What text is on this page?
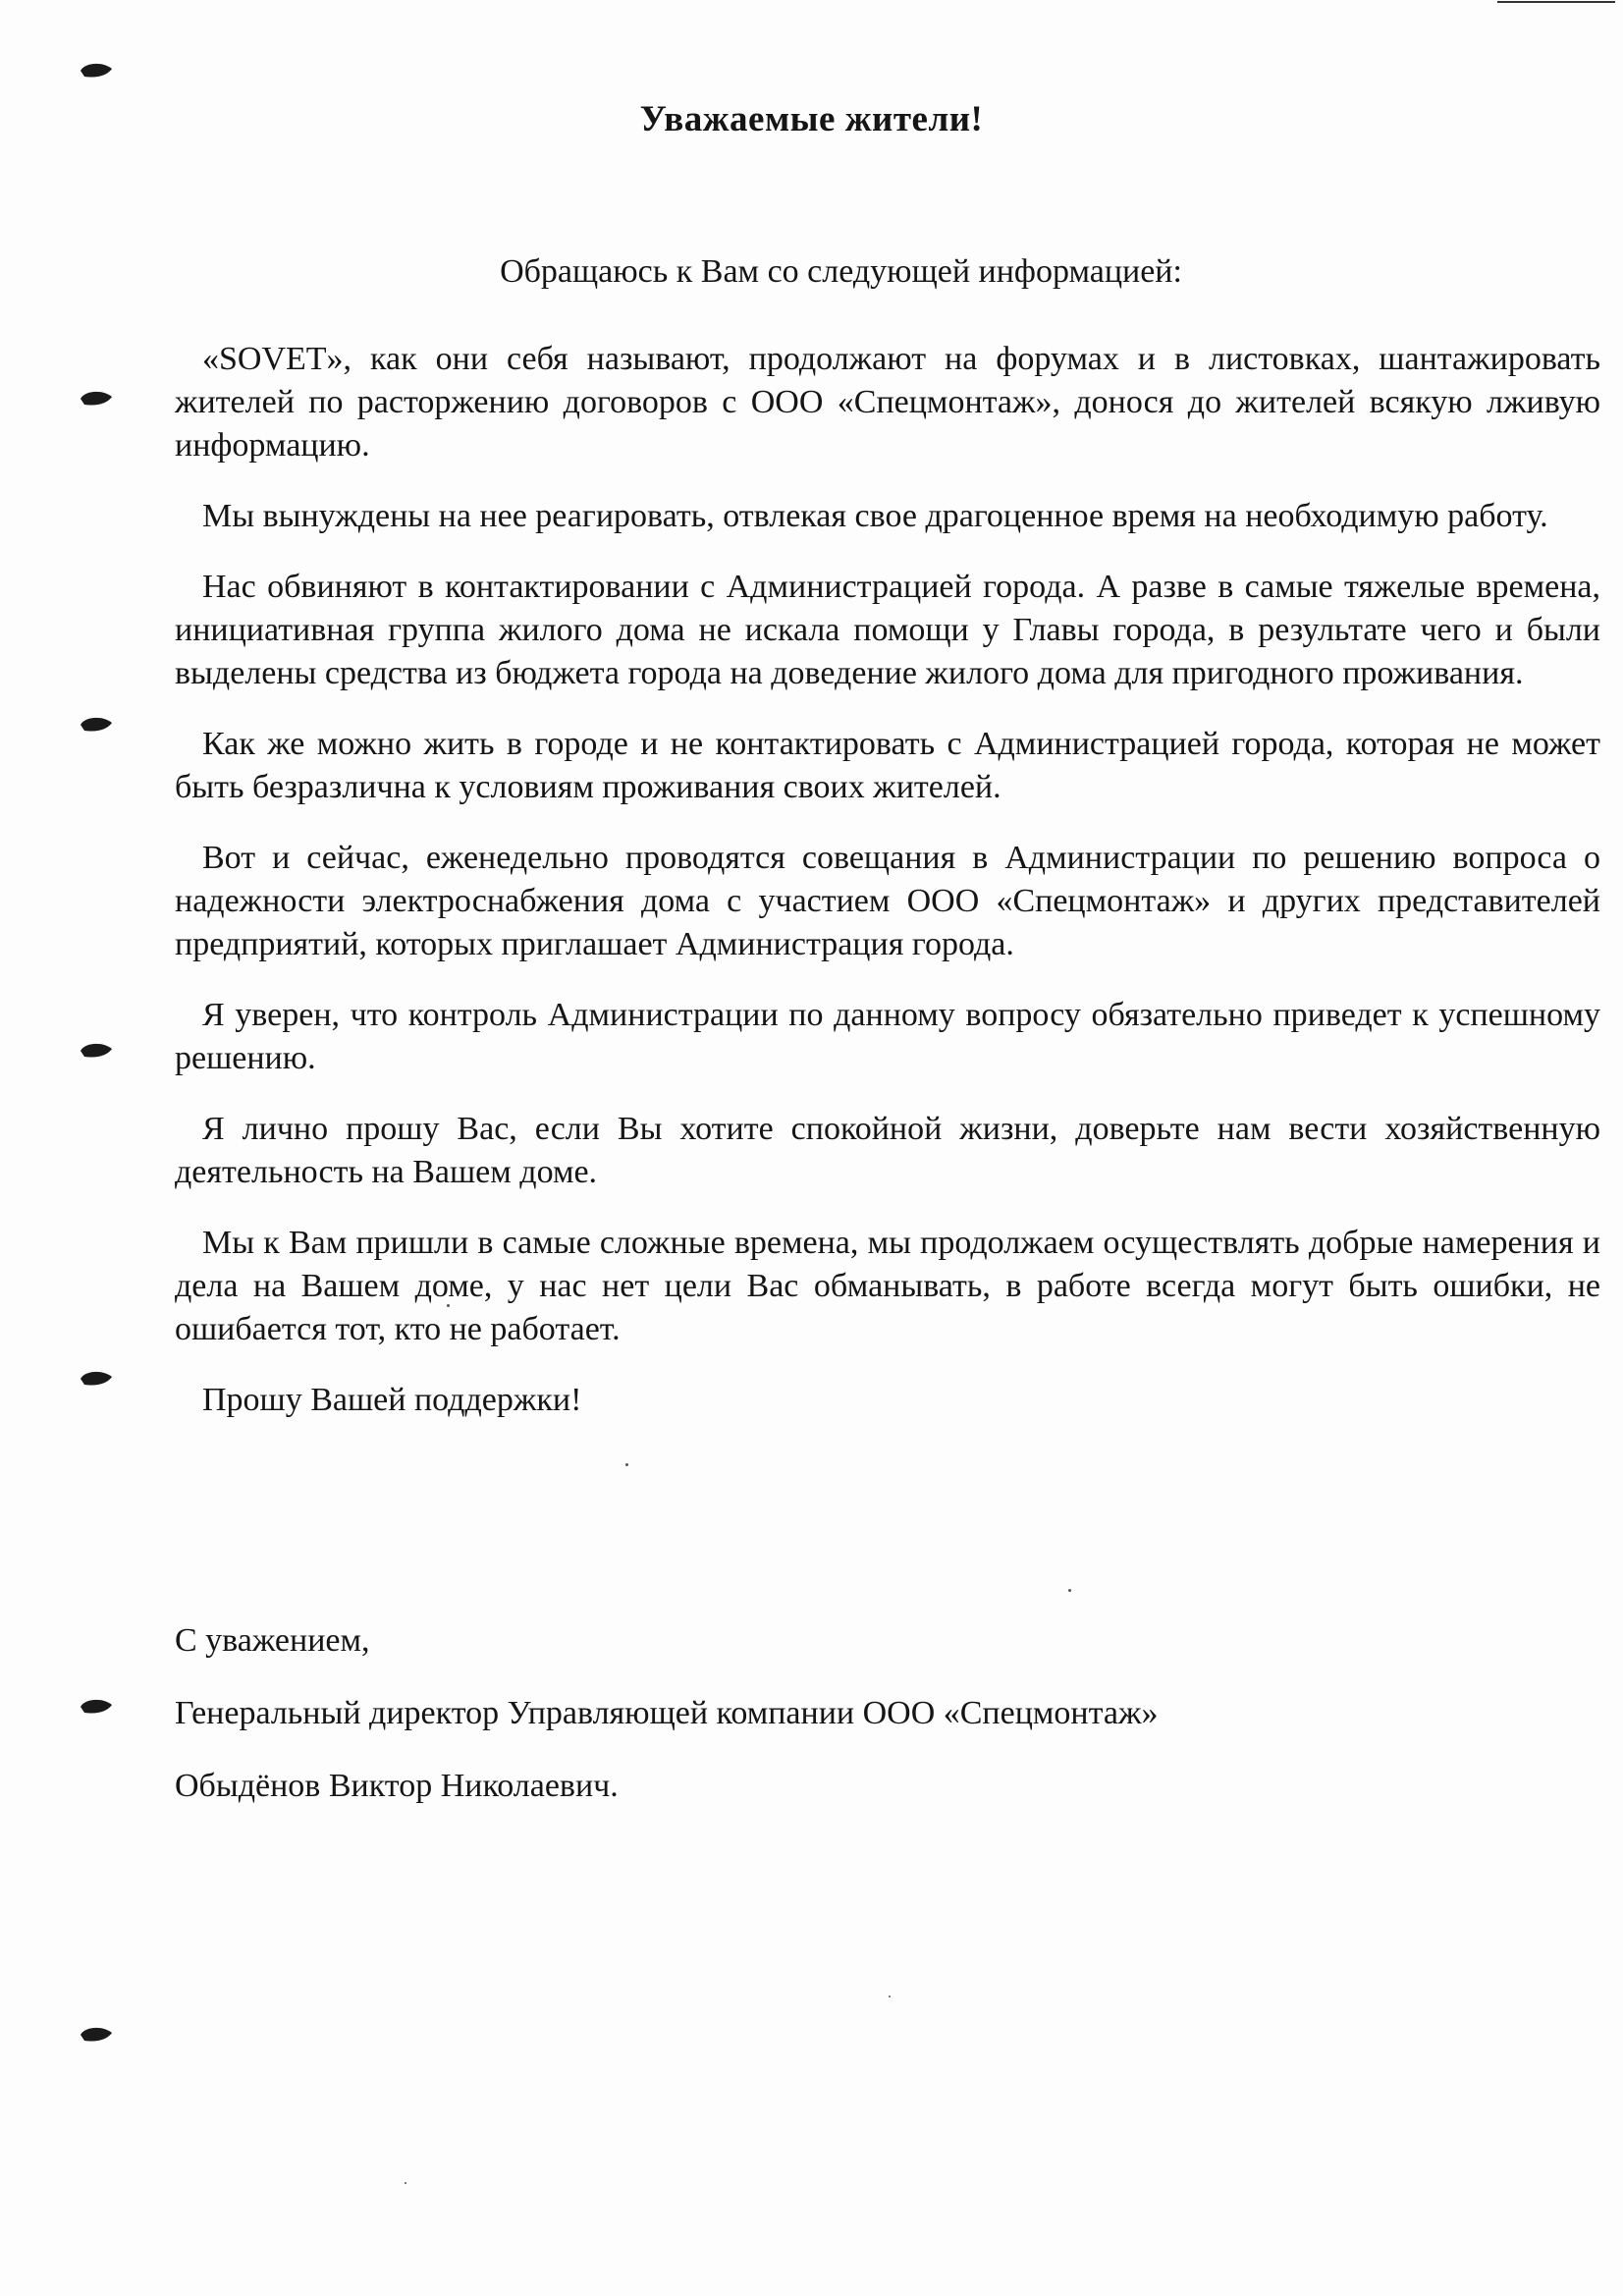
Уважаемые жители!
Обращаюсь к Вам со следующей информацией:

«SOVET», как они себя называют, продолжают на форумах и в листовках, шантажировать жителей по расторжению договоров с ООО «Спецмонтаж», донося до жителей всякую лживую информацию.

Мы вынуждены на нее реагировать, отвлекая свое драгоценное время на необходимую работу.

Нас обвиняют в контактировании с Администрацией города. А разве в самые тяжелые времена, инициативная группа жилого дома не искала помощи у Главы города, в результате чего и были выделены средства из бюджета города на доведение жилого дома для пригодного проживания.

Как же можно жить в городе и не контактировать с Администрацией города, которая не может быть безразлична к условиям проживания своих жителей.

Вот и сейчас, еженедельно проводятся совещания в Администрации по решению вопроса о надежности электроснабжения дома с участием ООО «Спецмонтаж» и других представителей предприятий, которых приглашает Администрация города.

Я уверен, что контроль Администрации по данному вопросу обязательно приведет к успешному решению.

Я лично прошу Вас, если Вы хотите спокойной жизни, доверьте нам вести хозяйственную деятельность на Вашем доме.

Мы к Вам пришли в самые сложные времена, мы продолжаем осуществлять добрые намерения и дела на Вашем доме, у нас нет цели Вас обманывать, в работе всегда могут быть ошибки, не ошибается тот, кто не работает.

Прошу Вашей поддержки!

С уважением,
Генеральный директор Управляющей компании ООО «Спецмонтаж»
Обыдёнов Виктор Николаевич.
